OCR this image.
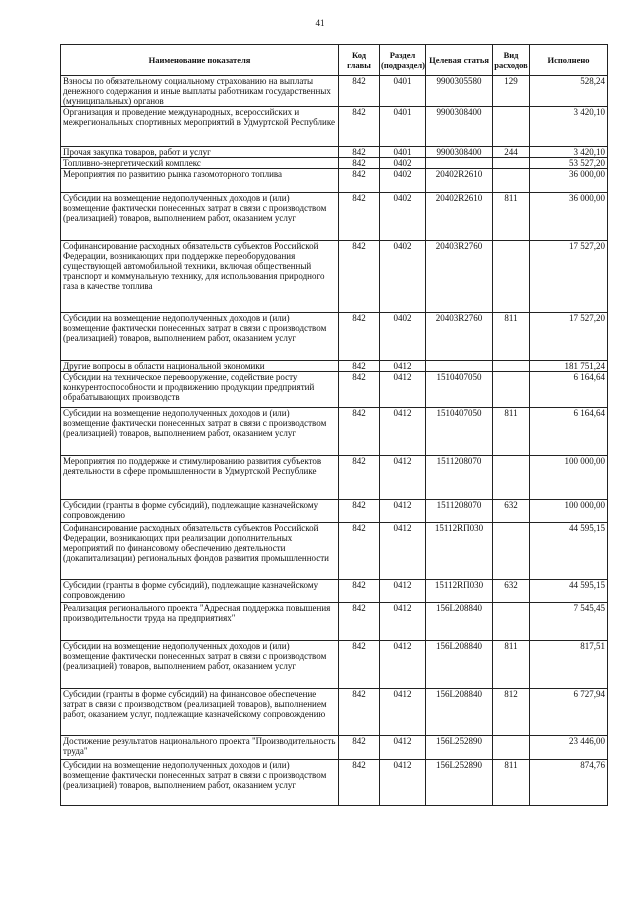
41
Наименование показателя	Код главы	Раздел (подраздел)	Целевая статья	Вид расходов	Исполнено
Взносы по обязательному социальному страхованию на выплаты денежного содержания и иные выплаты работникам государственных (муниципальных) органов	842	0401	9900305580	129	528,24
Организация и проведение международных, всероссийских и межрегиональных спортивных мероприятий в Удмуртской Республике	842	0401	9900308400		3 420,10
Прочая закупка товаров, работ и услуг	842	0401	9900308400	244	3 420,10
Топливно-энергетический комплекс	842	0402			53 527,20
Мероприятия по развитию рынка газомоторного топлива	842	0402	20402R2610		36 000,00
Субсидии на возмещение недополученных доходов и (или) возмещение фактически понесенных затрат в связи с производством (реализацией) товаров, выполнением работ, оказанием услуг	842	0402	20402R2610	811	36 000,00
Софинансирование расходных обязательств субъектов Российской Федерации, возникающих при поддержке переоборудования существующей автомобильной техники, включая общественный транспорт и коммунальную технику, для использования природного газа в качестве топлива	842	0402	20403R2760		17 527,20
Субсидии на возмещение недополученных доходов и (или) возмещение фактически понесенных затрат в связи с производством (реализацией) товаров, выполнением работ, оказанием услуг	842	0402	20403R2760	811	17 527,20
Другие вопросы в области национальной экономики	842	0412			181 751,24
Субсидии на техническое перевооружение, содействие росту конкурентоспособности и продвижению продукции предприятий обрабатывающих производств	842	0412	1510407050		6 164,64
Субсидии на возмещение недополученных доходов и (или) возмещение фактически понесенных затрат в связи с производством (реализацией) товаров, выполнением работ, оказанием услуг	842	0412	1510407050	811	6 164,64
Мероприятия по поддержке и стимулированию развития субъектов деятельности в сфере промышленности в Удмуртской Республике	842	0412	1511208070		100 000,00
Субсидии (гранты в форме субсидий), подлежащие казначейскому сопровождению	842	0412	1511208070	632	100 000,00
Софинансирование расходных обязательств субъектов Российской Федерации, возникающих при реализации дополнительных мероприятий по финансовому обеспечению деятельности (докапитализации) региональных фондов развития промышленности	842	0412	15112RП030		44 595,15
Субсидии (гранты в форме субсидий), подлежащие казначейскому сопровождению	842	0412	15112RП030	632	44 595,15
Реализация регионального проекта "Адресная поддержка повышения производительности труда на предприятиях"	842	0412	156L208840		7 545,45
Субсидии на возмещение недополученных доходов и (или) возмещение фактически понесенных затрат в связи с производством (реализацией) товаров, выполнением работ, оказанием услуг	842	0412	156L208840	811	817,51
Субсидии (гранты в форме субсидий) на финансовое обеспечение затрат в связи с производством (реализацией товаров), выполнением работ, оказанием услуг, подлежащие казначейскому сопровождению	842	0412	156L208840	812	6 727,94
Достижение результатов национального проекта "Производительность труда"	842	0412	156L252890		23 446,00
Субсидии на возмещение недополученных доходов и (или) возмещение фактически понесенных затрат в связи с производством (реализацией) товаров, выполнением работ, оказанием услуг	842	0412	156L252890	811	874,76
